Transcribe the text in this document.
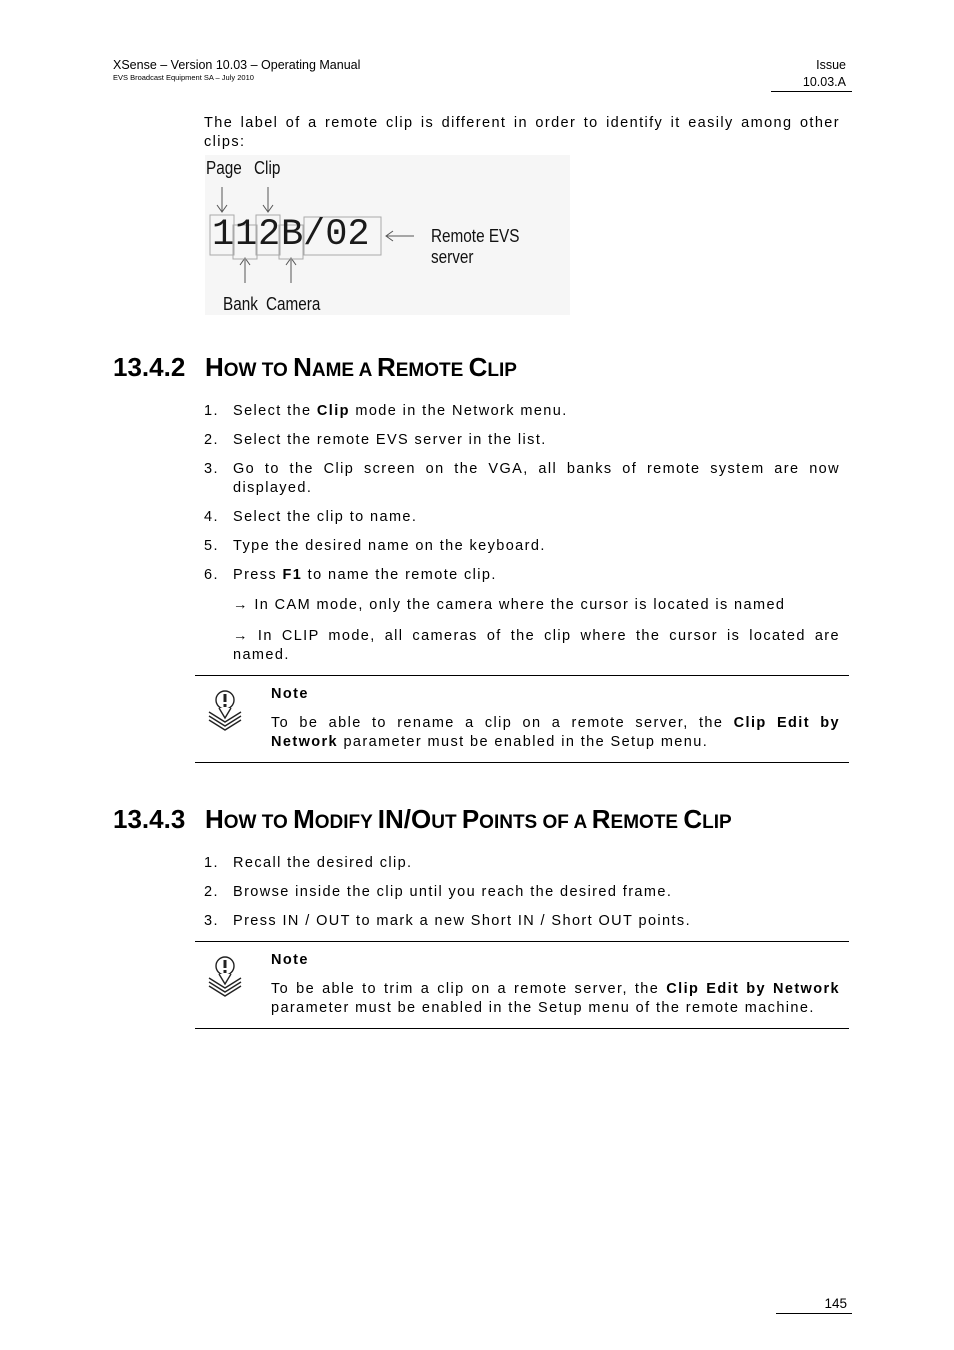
XSense – Version 10.03 – Operating Manual
EVS Broadcast Equipment SA – July 2010
Issue
10.03.A
The label of a remote clip is different in order to identify it easily among other clips:
Page Clip
1 1 2 B /02	Remote EVS server
Bank Camera
13.4.2 HOW TO NAME A REMOTE CLIP
1. Select the Clip mode in the Network menu.
2. Select the remote EVS server in the list.
3. Go to the Clip screen on the VGA, all banks of remote system are now displayed.
4. Select the clip to name.
5. Type the desired name on the keyboard.
6. Press F1 to name the remote clip.
→ In CAM mode, only the camera where the cursor is located is named
→ In CLIP mode, all cameras of the clip where the cursor is located are named.
Note
To be able to rename a clip on a remote server, the Clip Edit by Network parameter must be enabled in the Setup menu.
13.4.3 HOW TO MODIFY IN/OUT POINTS OF A REMOTE CLIP
1. Recall the desired clip.
2. Browse inside the clip until you reach the desired frame.
3. Press IN / OUT to mark a new Short IN / Short OUT points.
Note
To be able to trim a clip on a remote server, the Clip Edit by Network parameter must be enabled in the Setup menu of the remote machine.
145
